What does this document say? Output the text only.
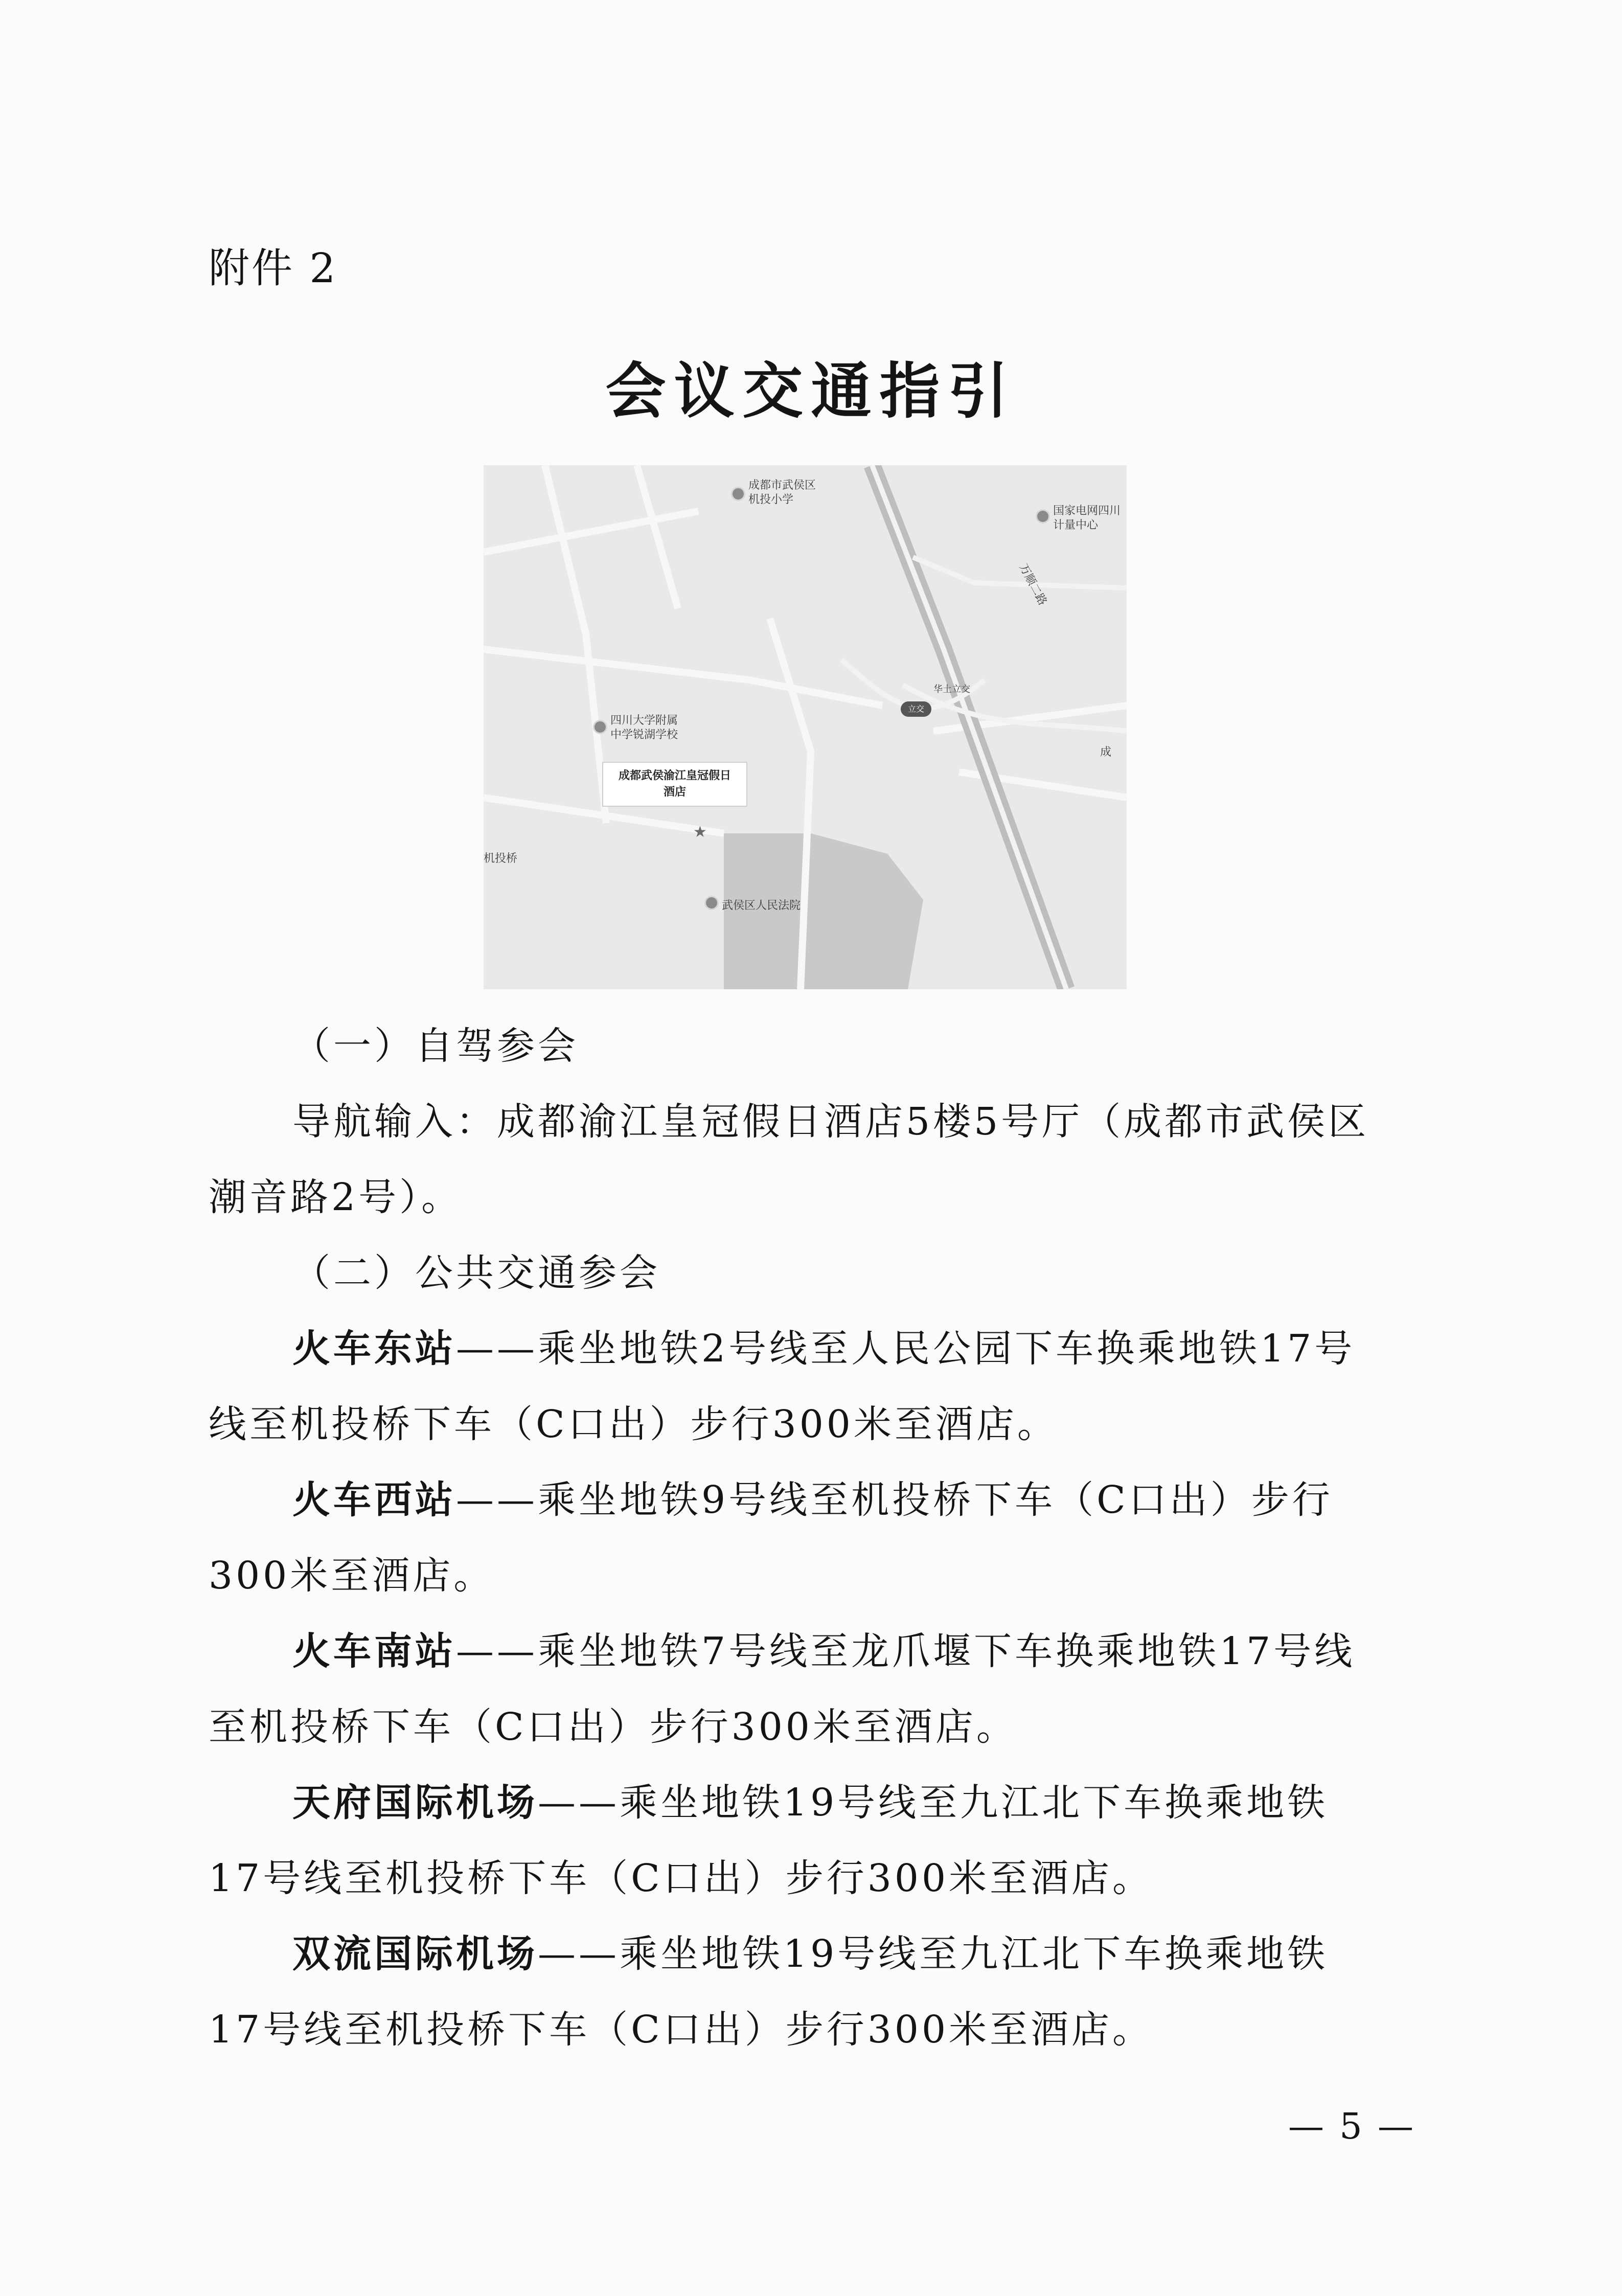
附件 2
会议交通指引
成都市武侯区
机投小学
国家电网四川
计量中心
万顺二路
华土立交
立交
四川大学附属
中学锐湖学校
成都武侯渝江皇冠假日
酒店
★
机投桥
武侯区人民法院
成
（一）自驾参会
导航输入：成都渝江皇冠假日酒店5楼5号厅（成都市武侯区
潮音路2号）。
（二）公共交通参会
火车东站——乘坐地铁2号线至人民公园下车换乘地铁17号
线至机投桥下车（C口出）步行300米至酒店。
火车西站——乘坐地铁9号线至机投桥下车（C口出）步行
300米至酒店。
火车南站——乘坐地铁7号线至龙爪堰下车换乘地铁17号线
至机投桥下车（C口出）步行300米至酒店。
天府国际机场——乘坐地铁19号线至九江北下车换乘地铁
17号线至机投桥下车（C口出）步行300米至酒店。
双流国际机场——乘坐地铁19号线至九江北下车换乘地铁
17号线至机投桥下车（C口出）步行300米至酒店。
— 5 —
